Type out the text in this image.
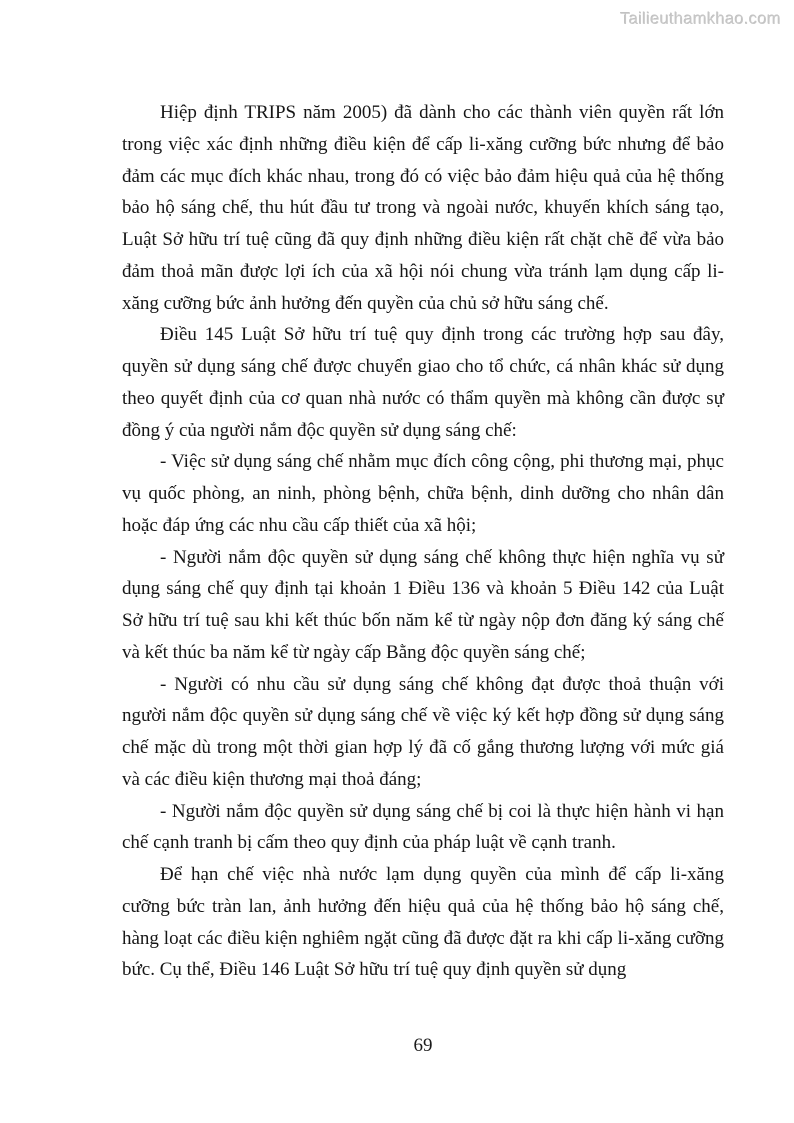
Tailieuthamkhao.com

Hiệp định TRIPS năm 2005) đã dành cho các thành viên quyền rất lớn trong việc xác định những điều kiện để cấp li-xăng cưỡng bức nhưng để bảo đảm các mục đích khác nhau, trong đó có việc bảo đảm hiệu quả của hệ thống bảo hộ sáng chế, thu hút đầu tư trong và ngoài nước, khuyến khích sáng tạo, Luật Sở hữu trí tuệ cũng đã quy định những điều kiện rất chặt chẽ để vừa bảo đảm thoả mãn được lợi ích của xã hội nói chung vừa tránh lạm dụng cấp li-xăng cưỡng bức ảnh hưởng đến quyền của chủ sở hữu sáng chế.

Điều 145 Luật Sở hữu trí tuệ quy định trong các trường hợp sau đây, quyền sử dụng sáng chế được chuyển giao cho tổ chức, cá nhân khác sử dụng theo quyết định của cơ quan nhà nước có thẩm quyền mà không cần được sự đồng ý của người nắm độc quyền sử dụng sáng chế:

- Việc sử dụng sáng chế nhằm mục đích công cộng, phi thương mại, phục vụ quốc phòng, an ninh, phòng bệnh, chữa bệnh, dinh dưỡng cho nhân dân hoặc đáp ứng các nhu cầu cấp thiết của xã hội;

- Người nắm độc quyền sử dụng sáng chế không thực hiện nghĩa vụ sử dụng sáng chế quy định tại khoản 1 Điều 136 và khoản 5 Điều 142 của Luật Sở hữu trí tuệ sau khi kết thúc bốn năm kể từ ngày nộp đơn đăng ký sáng chế và kết thúc ba năm kể từ ngày cấp Bằng độc quyền sáng chế;

- Người có nhu cầu sử dụng sáng chế không đạt được thoả thuận với người nắm độc quyền sử dụng sáng chế về việc ký kết hợp đồng sử dụng sáng chế mặc dù trong một thời gian hợp lý đã cố gắng thương lượng với mức giá và các điều kiện thương mại thoả đáng;

- Người nắm độc quyền sử dụng sáng chế bị coi là thực hiện hành vi hạn chế cạnh tranh bị cấm theo quy định của pháp luật về cạnh tranh.

Để hạn chế việc nhà nước lạm dụng quyền của mình để cấp li-xăng cưỡng bức tràn lan, ảnh hưởng đến hiệu quả của hệ thống bảo hộ sáng chế, hàng loạt các điều kiện nghiêm ngặt cũng đã được đặt ra khi cấp li-xăng cưỡng bức. Cụ thể, Điều 146 Luật Sở hữu trí tuệ quy định quyền sử dụng

69
